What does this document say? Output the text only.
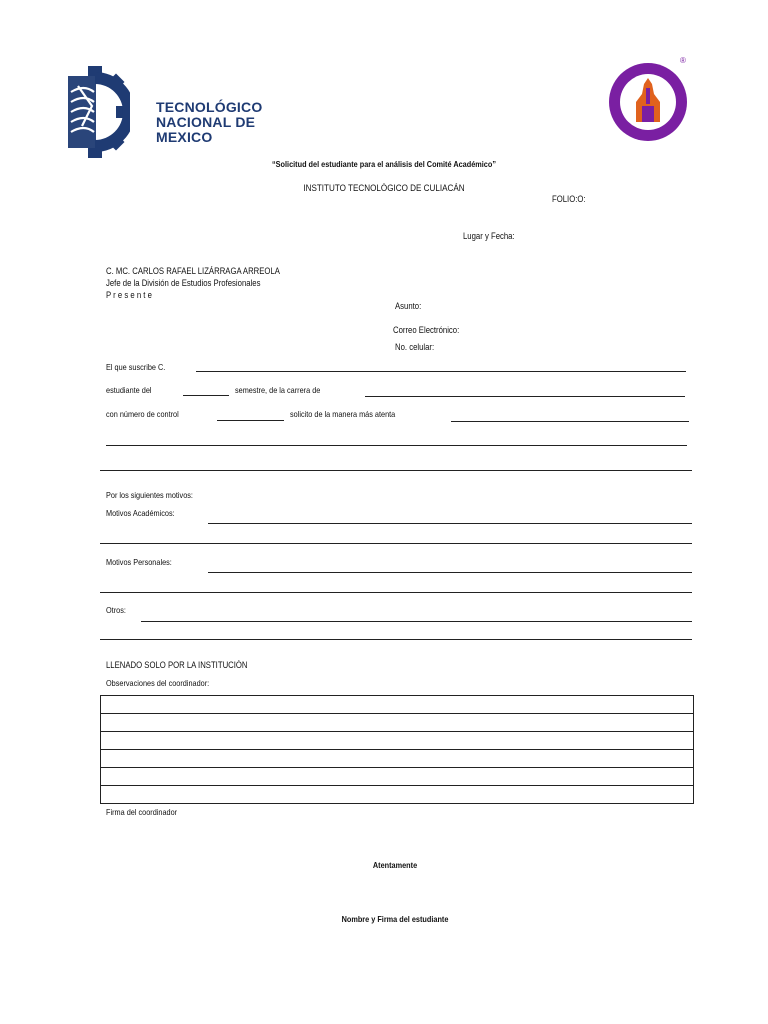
TECNOLÓGICO
NACIONAL DE MEXICO
®
“Solicitud del estudiante para el análisis del Comité Académico”
INSTITUTO TECNOLÓGICO DE CULIACÁN
FOLIO:O:
Lugar y Fecha:
C. MC. CARLOS RAFAEL LIZÁRRAGA ARREOLA
Jefe de la División de Estudios Profesionales
P r e s e n t e
Asunto:
Correo Electrónico:
No. celular:
El que suscribe C.
estudiante del	semestre, de la carrera de
con número de control	solicito de la manera más atenta
Por los siguientes motivos:
Motivos Académicos:
Motivos Personales:
Otros:
LLENADO SOLO POR LA INSTITUCIÓN
Observaciones del coordinador:

Firma del coordinador
Atentamente
Nombre y Firma del estudiante
